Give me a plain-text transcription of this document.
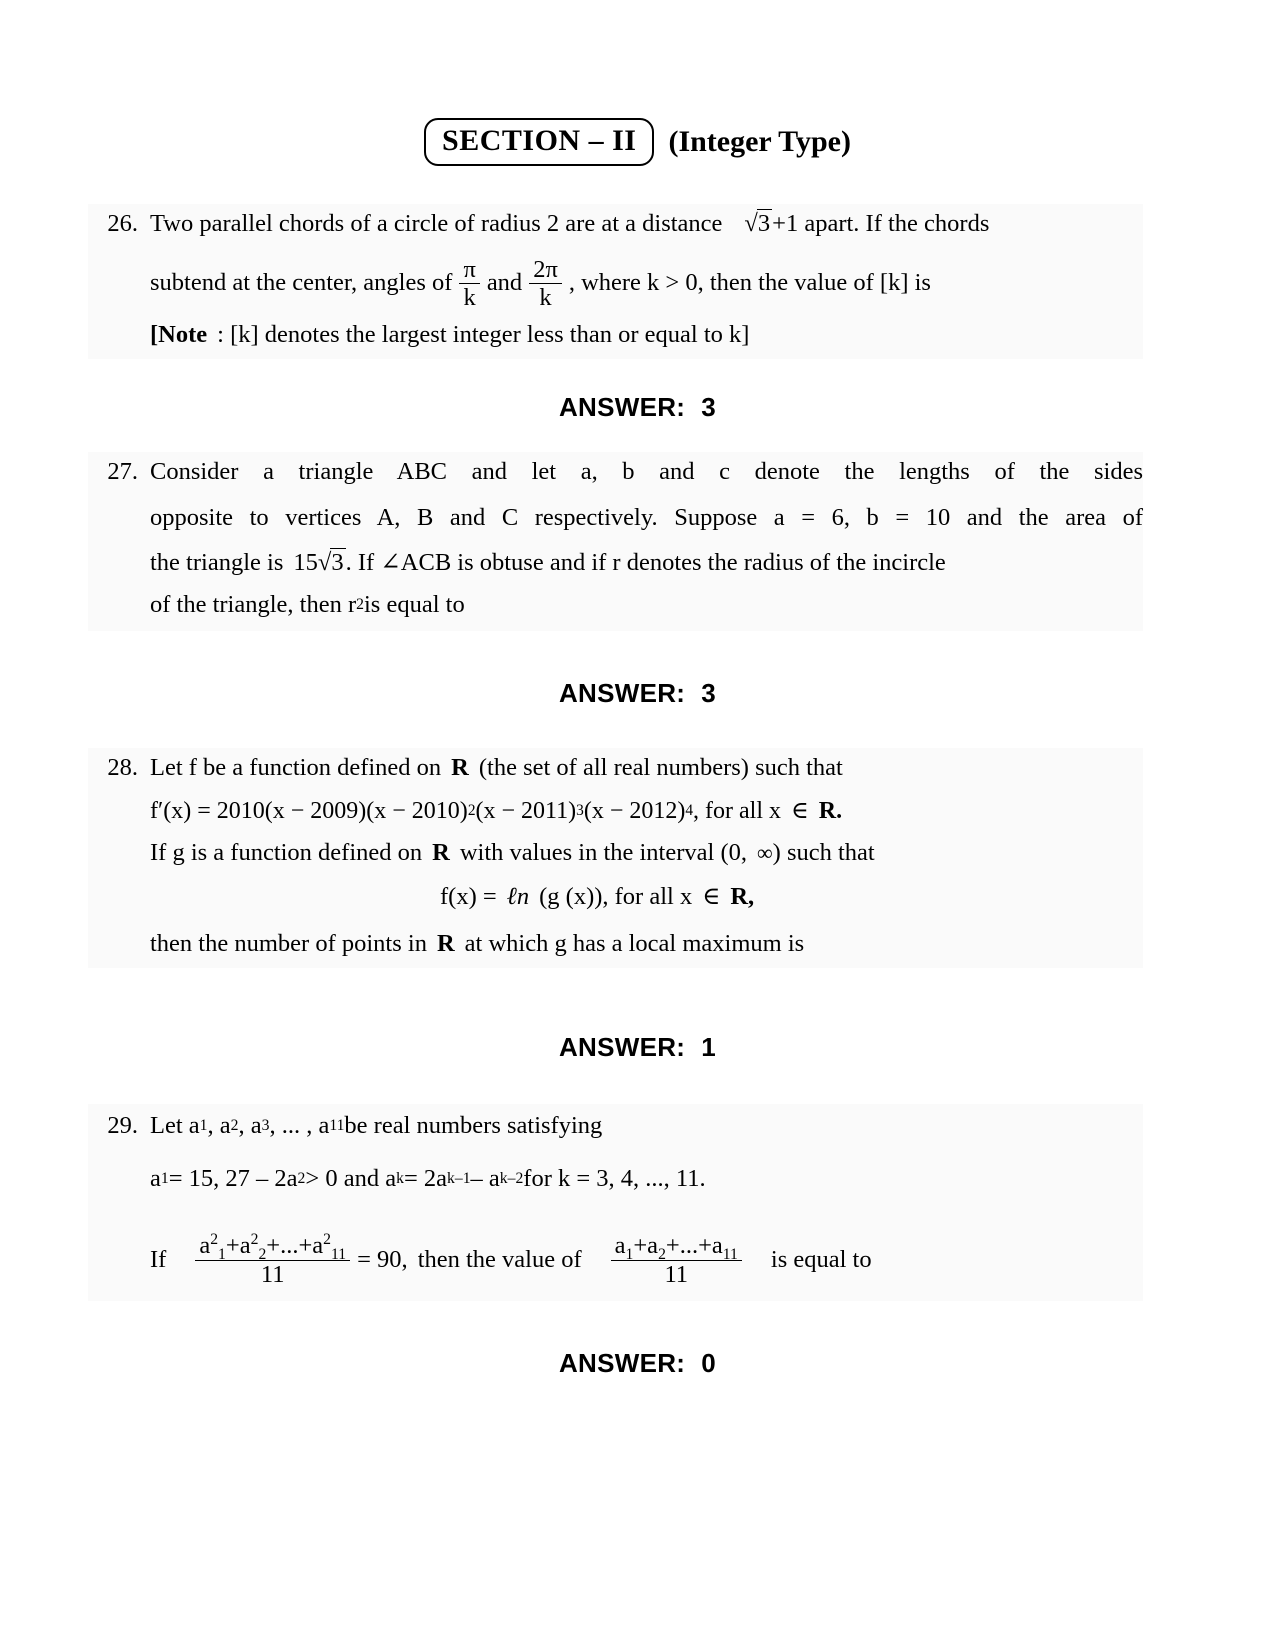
SECTION – II (Integer Type)
26. Two parallel chords of a circle of radius 2 are at a distance √3 +1 apart. If the chords
subtend at the center, angles of $\frac{\pi}{k}$ and $\frac{2\pi}{k}$ , where k > 0, then the value of [k] is
[Note : [k] denotes the largest integer less than or equal to k]
ANSWER: 3
27. Consider a triangle ABC and let a, b and c denote the lengths of the sides
opposite to vertices A, B and C respectively. Suppose a = 6, b = 10 and the area of
the triangle is 15 √3 . If ∠ACB is obtuse and if r denotes the radius of the incircle
of the triangle, then r 2 is equal to
ANSWER: 3
28. Let f be a function defined on R (the set of all real numbers) such that
f′(x) = 2010(x − 2009)(x − 2010) 2 (x − 2011) 3 (x − 2012) 4 , for all x ∈ R.
If g is a function defined on R with values in the interval (0, ∞ ) such that
f(x) = ℓn (g (x)), for all x ∈ R,
then the number of points in R at which g has a local maximum is
ANSWER: 1
29. Let a 1 , a 2 , a 3 , ... , a 11 be real numbers satisfying
a 1 = 15, 27 – 2a 2 > 0 and a k = 2a k–1 – a k–2 for k = 3, 4, ..., 11.
If $\frac{a^2_1+a^2_2+...+a^2_{11}}{11} = 90$, then the value of $\frac{a_1+a_2+...+a_{11}}{11}$ is equal to
ANSWER: 0
